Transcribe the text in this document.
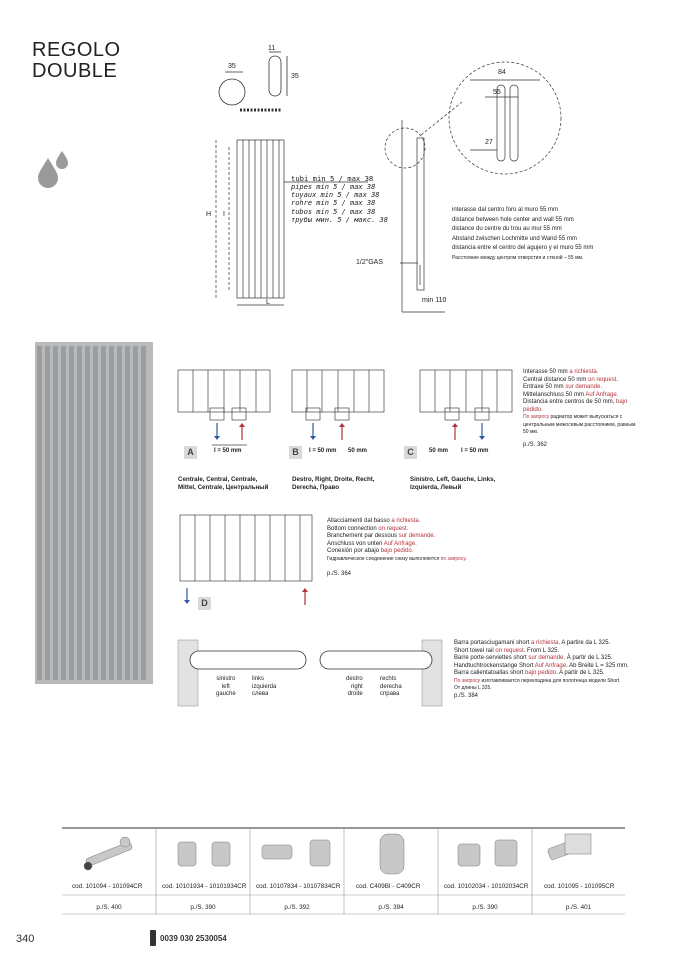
REGOLO
DOUBLE
11
35
35
H I
L
tubi min 5 / max 38
pipes min 5 / max 38
tuyaux min 5 / max 38
rohre min 5 / max 38
tubos min 5 / max 38
трубы мин. 5 / макс. 38
84
55
27
1/2"GAS
min 110
interasse dal centro foro al muro 55 mm
distance between hole center and wall 55 mm
distance du centre du trou au mur 55 mm
Abstand zwischen Lochmitte und Wand 55 mm
distancia entre el centro del agujero y el muro 55 mm
Расстояние между центром отверстия и стеной – 55 мм.
A	I = 50 mm
Centrale, Central, Centrale,
Mittel, Centrale, Центральный
B	I = 50 mm 50 mm
Destro, Right, Droite, Recht,
Derecha, Право
C	50 mm I = 50 mm
Sinistro, Left, Gauche, Links,
Izquierda, Левый
Interasse 50 mm a richiesta.
Central distance 50 mm on request.
Entraxe 50 mm sur demande.
Mittelanschluss 50 mm Auf Anfrage.
Distancia entre centros de 50 mm, bajo
pedido.
По запросу радиатор может выпускаться с
центральным межосевым расстоянием, равным
50 мм.
p./S. 362
D
Allacciamenti dal basso a richiesta.
Bottom connection on request.
Branchement par dessous sur demande.
Anschluss von unten Auf Anfrage.
Conexión por abajo bajo pedido.
Гидравлическое соединение снизу выполняется по запросу.
p./S. 364
sinistro
left
gauche
links
izquierda
слева
destro
right
droite
rechts
derecha
справа
Barra portasciugamani short a richiesta. A partire da L 325.
Short towel rail on request. From L 325.
Barre porte-serviettes short sur demande. À partir de L 325.
Handtuchtrockenstange Short Auf Anfrage. Ab Breite L = 325 mm.
Barra calientatoallas short bajo pedido. A partir de L 325.
По запросу изготавливается перекладина для полотенца модели Short.
От длины L 325.
p./S. 384
cod. 101094 - 101094CR	cod. 10101934 - 10101934CR cod. 10107834 - 10107834CR cod. C409BI - C409CR	cod. 10102034 - 10102034CR cod. 101095 - 101095CR
p./S. 400	p./S. 390	p./S. 392	p./S. 394	p./S. 390	p./S. 401
340	0039 030 2530054
